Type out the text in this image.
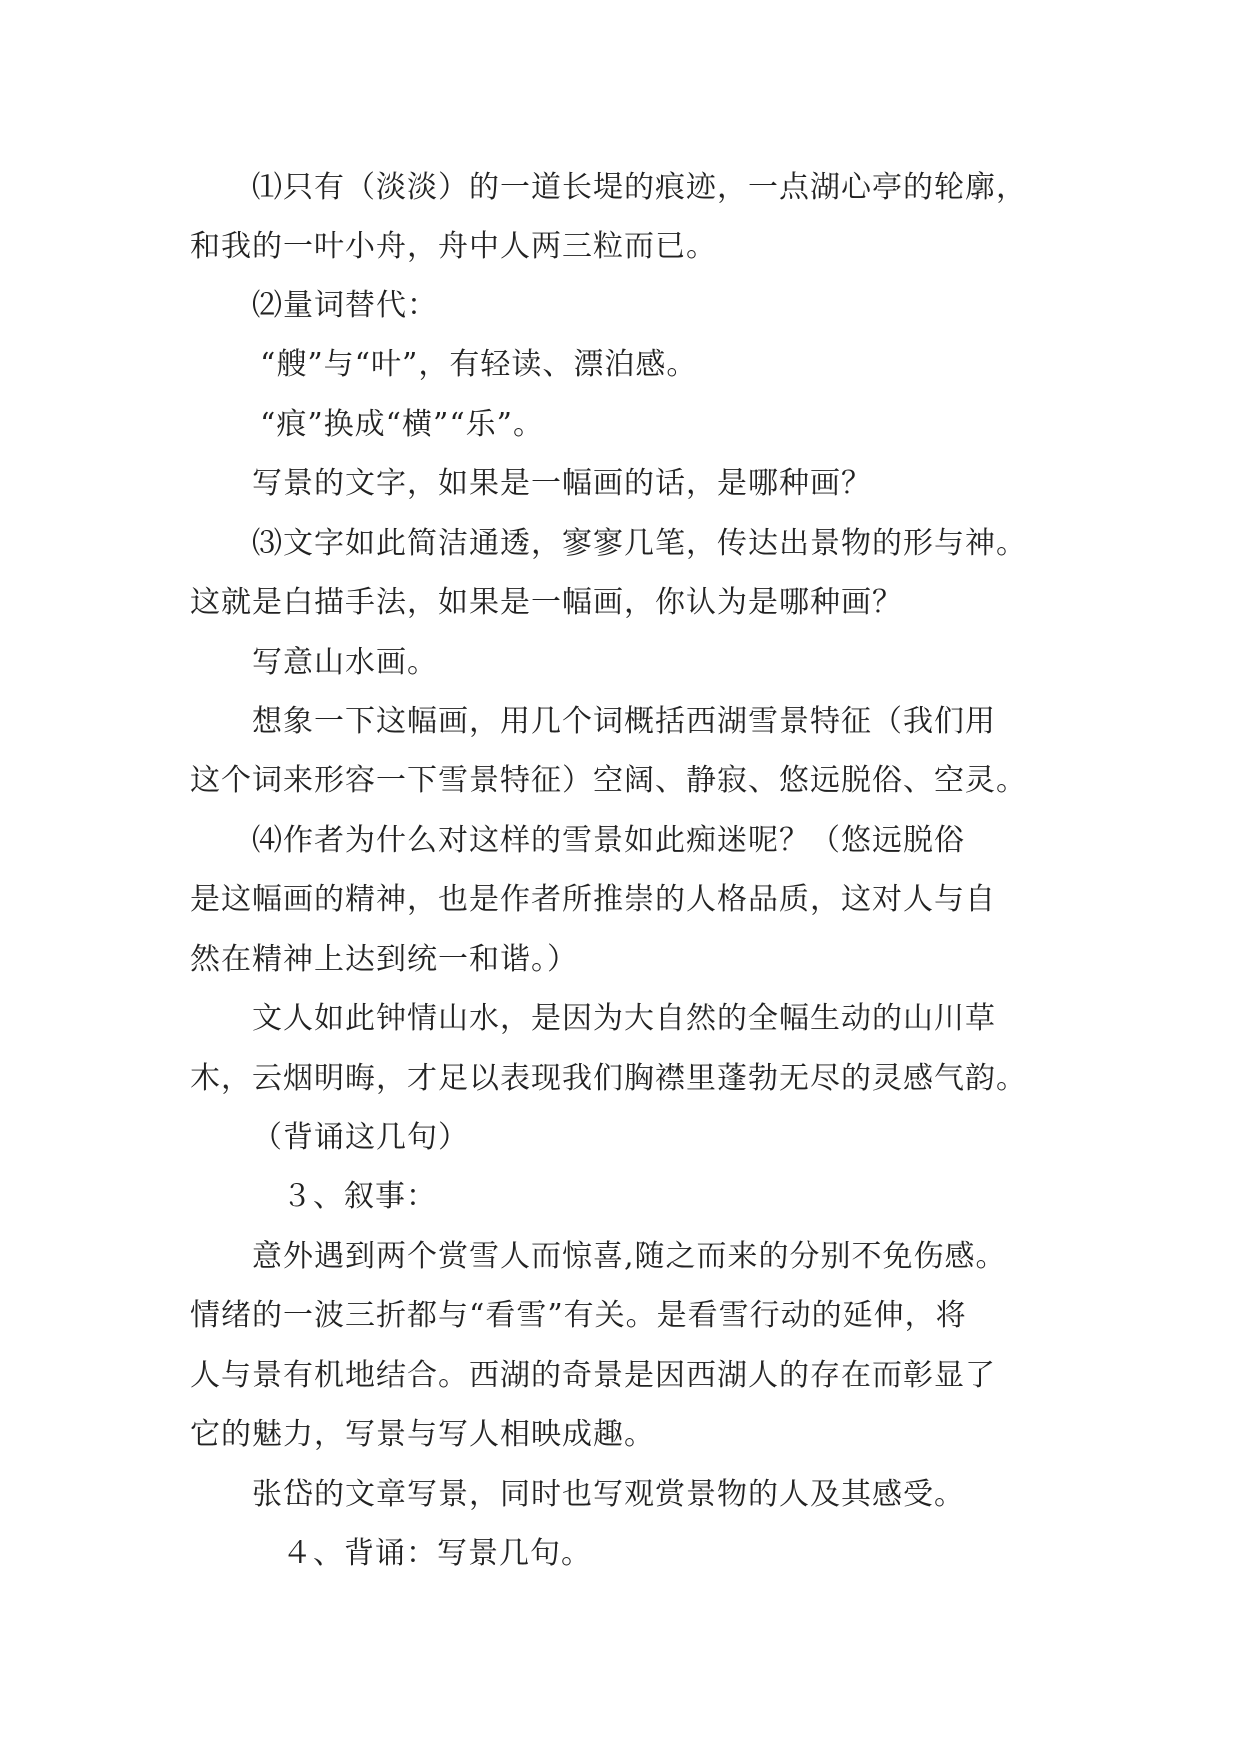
⑴只有（淡淡）的一道长堤的痕迹，一点湖心亭的轮廓，
和我的一叶小舟，舟中人两三粒而已。
⑵量词替代：
“艘”与“叶”，有轻读、漂泊感。
“痕”换成“横”“乐”。
写景的文字，如果是一幅画的话，是哪种画？
⑶文字如此简洁通透，寥寥几笔，传达出景物的形与神。
这就是白描手法，如果是一幅画，你认为是哪种画？
写意山水画。
想象一下这幅画，用几个词概括西湖雪景特征（我们用
这个词来形容一下雪景特征）空阔、静寂、悠远脱俗、空灵。
⑷作者为什么对这样的雪景如此痴迷呢？（悠远脱俗
是这幅画的精神，也是作者所推崇的人格品质，这对人与自
然在精神上达到统一和谐。）
文人如此钟情山水，是因为大自然的全幅生动的山川草
木，云烟明晦，才足以表现我们胸襟里蓬勃无尽的灵感气韵。
（背诵这几句）
３、叙事：
意外遇到两个赏雪人而惊喜,随之而来的分别不免伤感。
情绪的一波三折都与“看雪”有关。是看雪行动的延伸，将
人与景有机地结合。西湖的奇景是因西湖人的存在而彰显了
它的魅力，写景与写人相映成趣。
张岱的文章写景，同时也写观赏景物的人及其感受。
４、背诵：写景几句。
